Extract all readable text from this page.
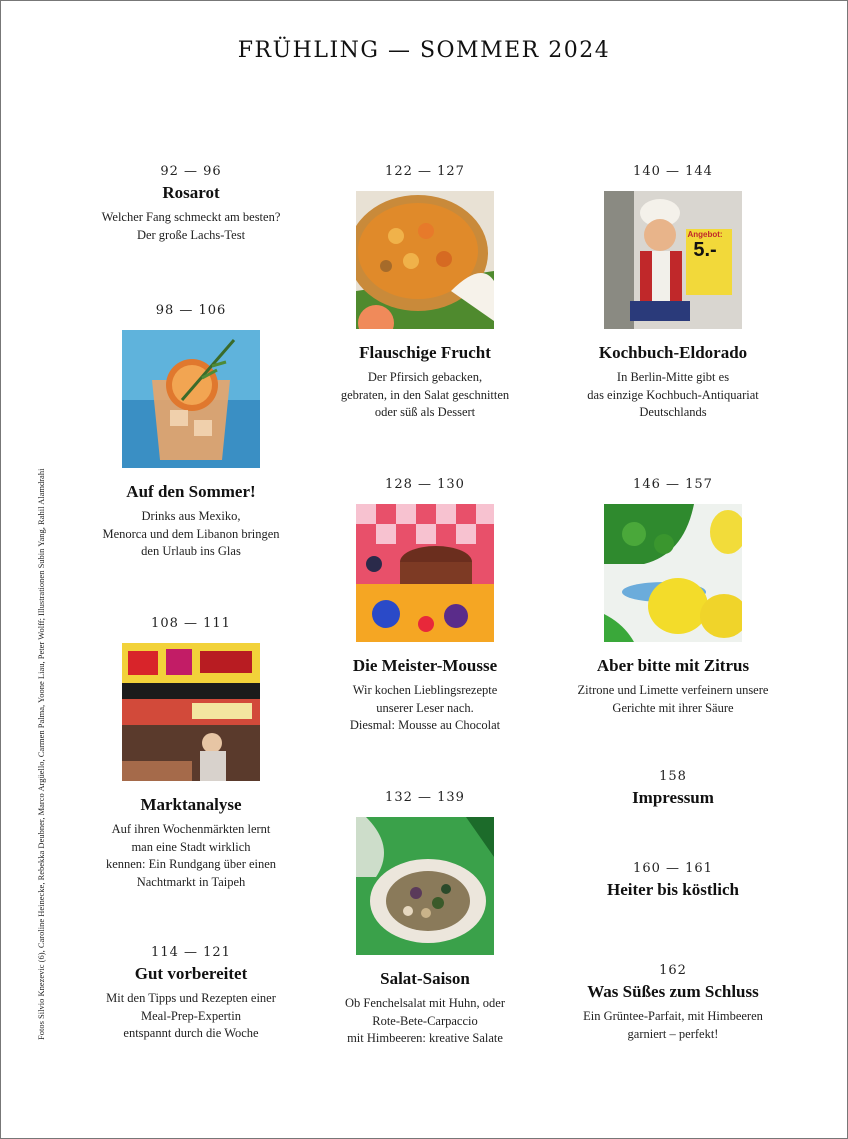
FRÜHLING — SOMMER 2024
Fotos Silvio Knezevic (6), Caroline Heinecke, Rebekka Deubner, Marco Argüello, Carmen Palma, Yoone Liau, Peter Wolff; Illustrationen Subin Yang, Rahil Alamdrahi
92 — 96
Rosarot
Welcher Fang schmeckt am besten?
Der große Lachs-Test
98 — 106
Auf den Sommer!
Drinks aus Mexiko,
Menorca und dem Libanon bringen
den Urlaub ins Glas
108 — 111
Marktanalyse
Auf ihren Wochenmärkten lernt
man eine Stadt wirklich
kennen: Ein Rundgang über einen
Nachtmarkt in Taipeh
114 — 121
Gut vorbereitet
Mit den Tipps und Rezepten einer
Meal-Prep-Expertin
entspannt durch die Woche
122 — 127
Flauschige Frucht
Der Pfirsich gebacken,
gebraten, in den Salat geschnitten
oder süß als Dessert
128 — 130
Die Meister-Mousse
Wir kochen Lieblingsrezepte
unserer Leser nach.
Diesmal: Mousse au Chocolat
132 — 139
Salat-Saison
Ob Fenchelsalat mit Huhn, oder
Rote-Bete-Carpaccio
mit Himbeeren: kreative Salate
140 — 144
Kochbuch-Eldorado
In Berlin-Mitte gibt es
das einzige Kochbuch-Antiquariat
Deutschlands
146 — 157
Aber bitte mit Zitrus
Zitrone und Limette verfeinern unsere
Gerichte mit ihrer Säure
158
Impressum
160 — 161
Heiter bis köstlich
162
Was Süßes zum Schluss
Ein Grüntee-Parfait, mit Himbeeren
garniert – perfekt!
Angebot:
5.-
